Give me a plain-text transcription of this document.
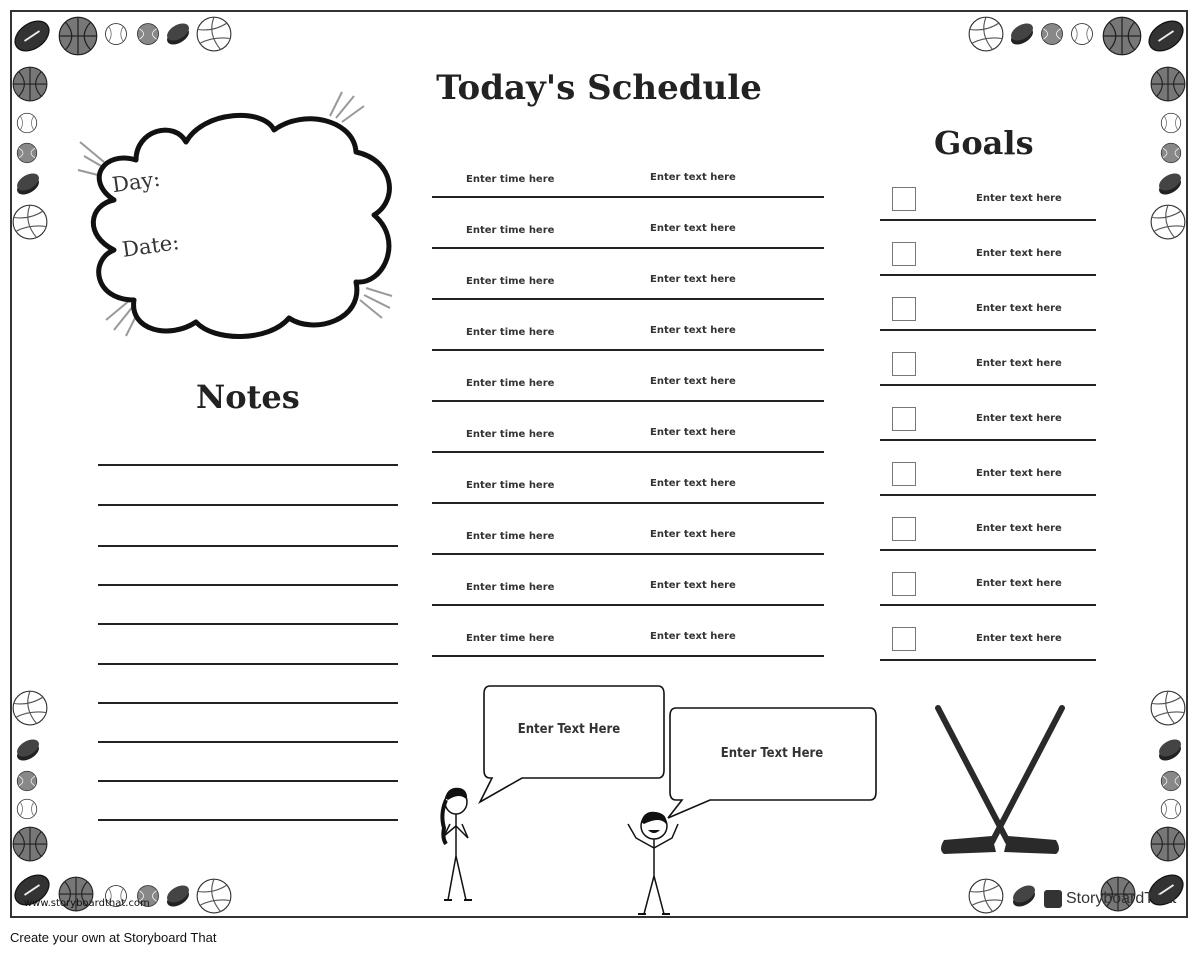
Today's Schedule
Day:
Date:
Notes
Enter time here	Enter text here
Enter time here	Enter text here
Enter time here	Enter text here
Enter time here	Enter text here
Enter time here	Enter text here
Enter time here	Enter text here
Enter time here	Enter text here
Enter time here	Enter text here
Enter time here	Enter text here
Enter time here	Enter text here
Goals
Enter text here
Enter text here
Enter text here
Enter text here
Enter text here
Enter text here
Enter text here
Enter text here
Enter text here
Enter Text Here
Enter Text Here
www.storyboardthat.com	StoryboardThat
Create your own at Storyboard That
